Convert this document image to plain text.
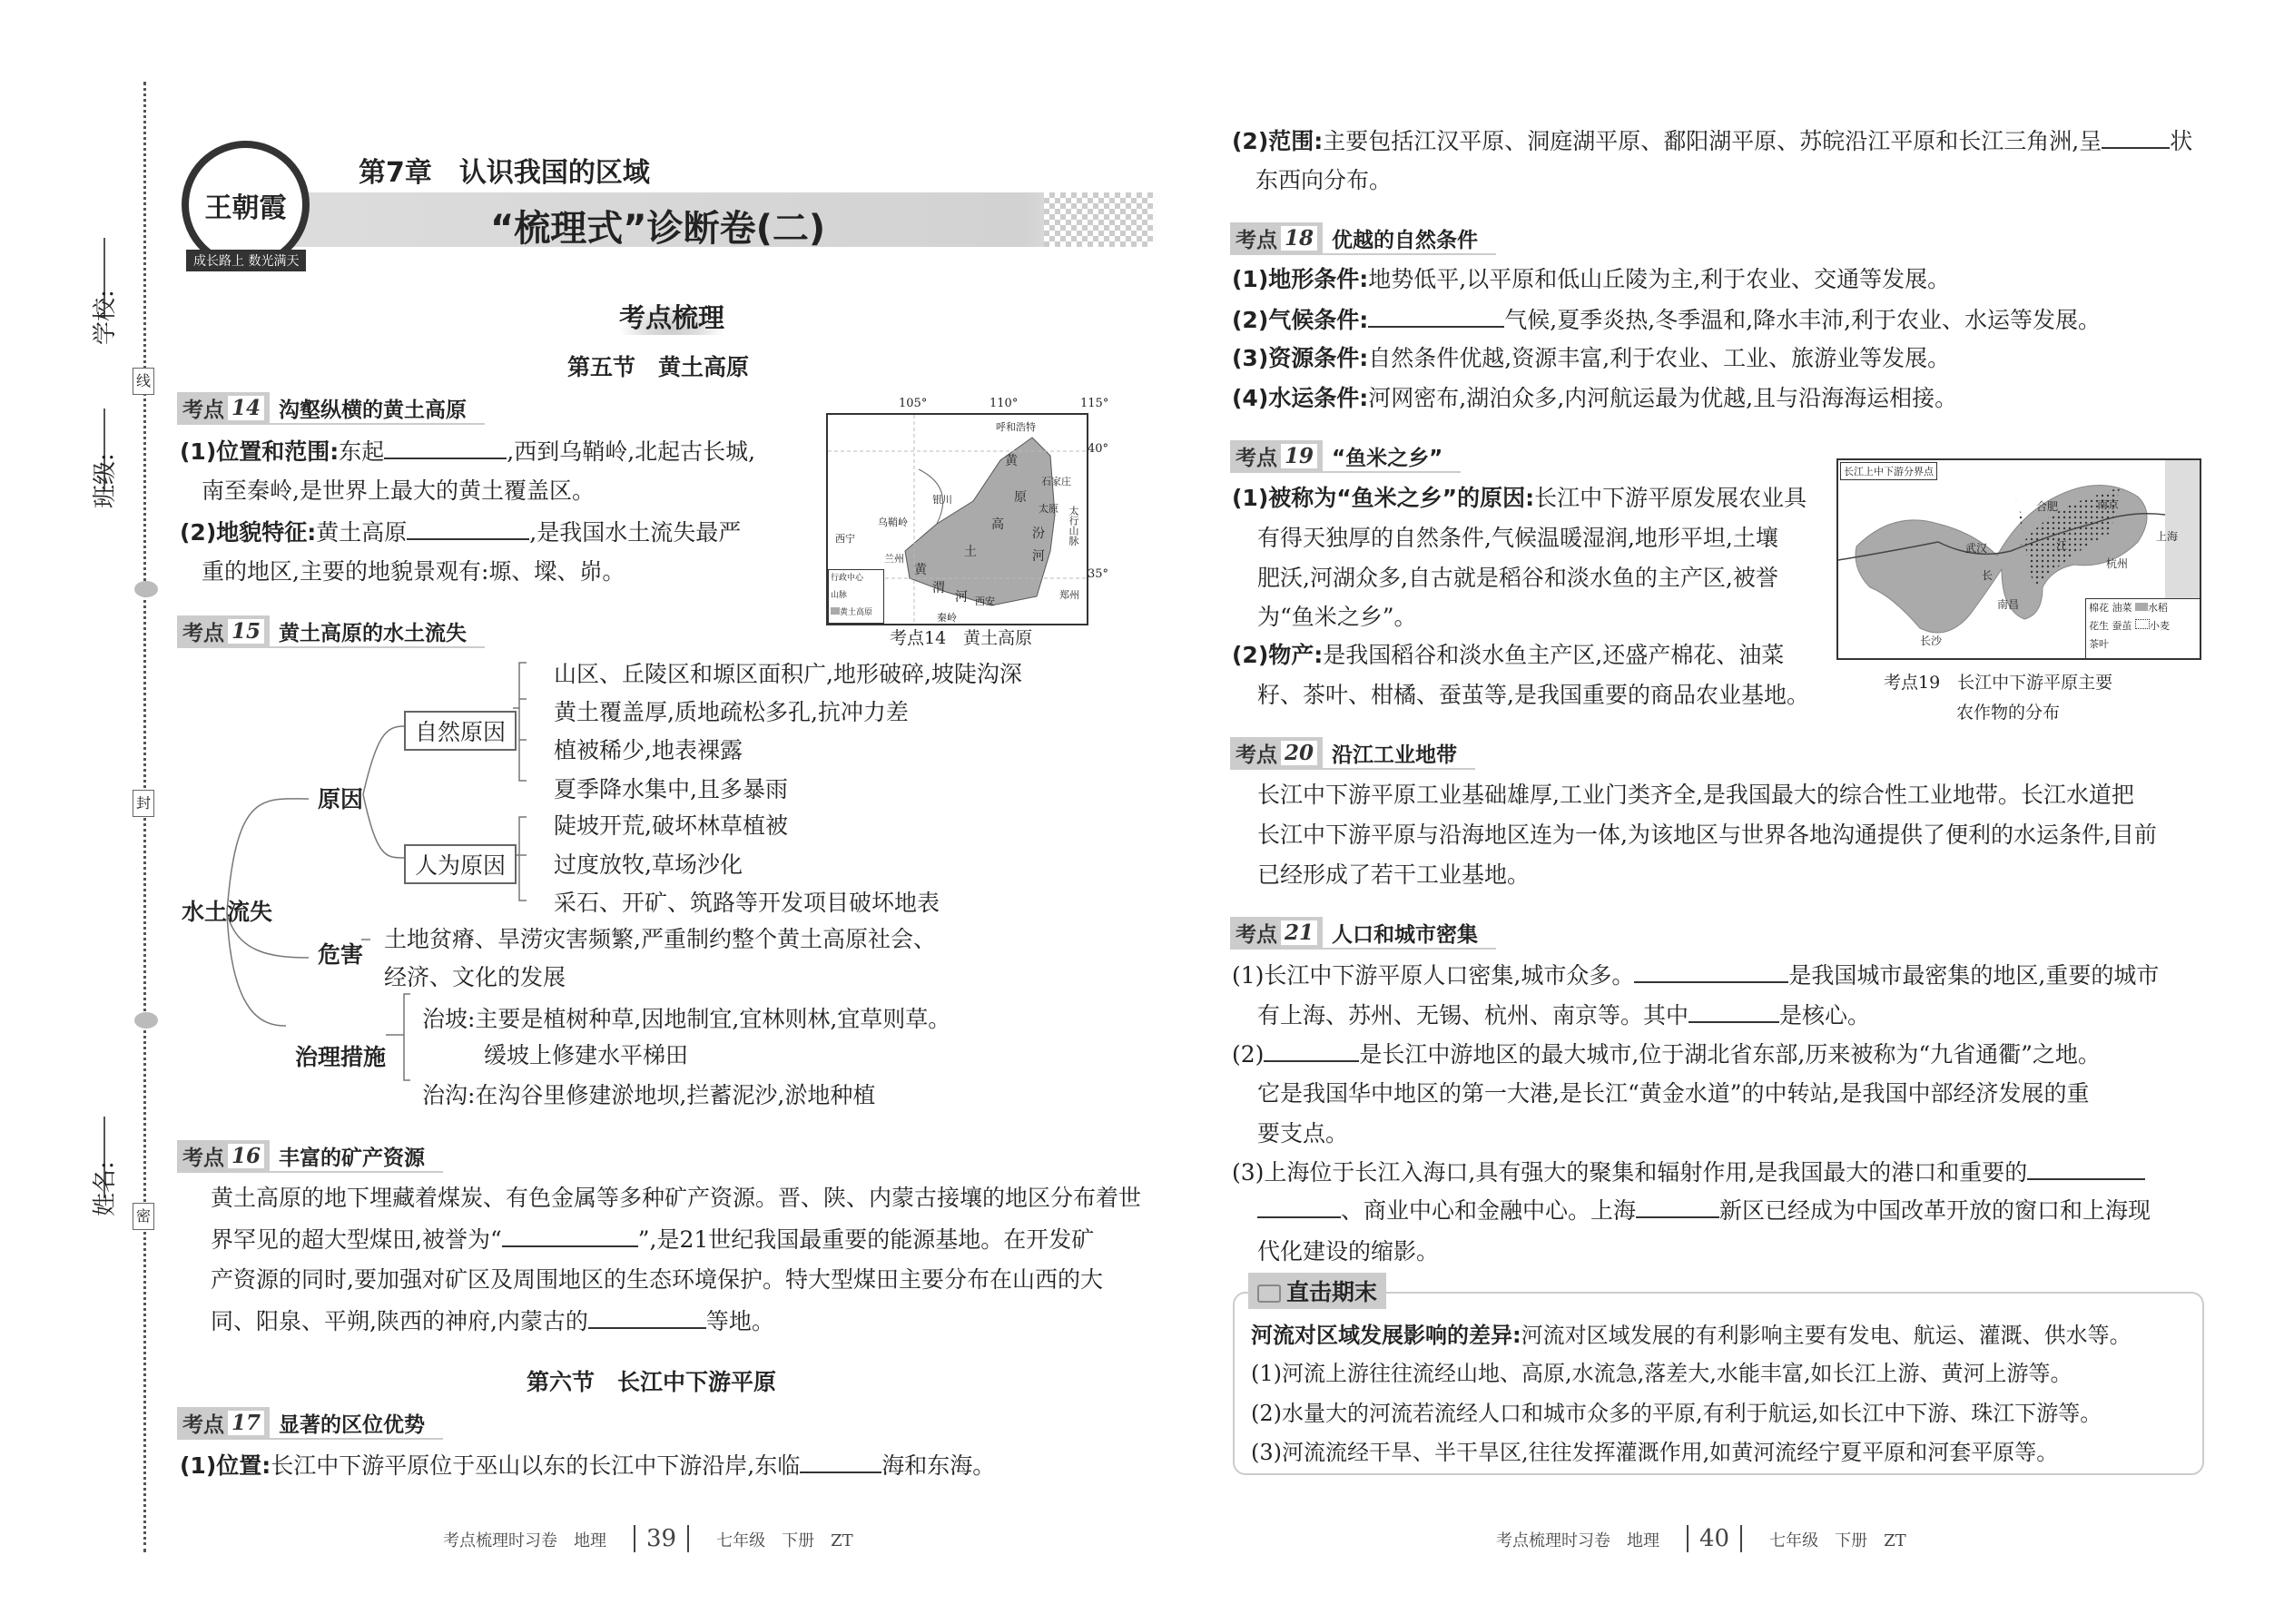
线
封
密
学校:
班级:
姓名:
王朝霞
成长路上 数光满天
第7章　认识我国的区域
“梳理式”诊断卷(二)
考点梳理
第五节　黄土高原
考点 14 沟壑纵横的黄土高原
(1)位置和范围:东起	,西到乌鞘岭,北起古长城,
南至秦岭,是世界上最大的黄土覆盖区。
(2)地貌特征:黄土高原	,是我国水土流失最严
重的地区,主要的地貌景观有:塬、墚、峁。
西宁
兰州
乌鞘岭
银川
呼和浩特
石家庄
太原
西安
郑州
秦岭
太行山脉
黄
土
高
原
汾
河
黄
渭
河
行政中心
山脉
黄土高原
105°	110°	115°
40°
35°
考点14　黄土高原
考点 15 黄土高原的水土流失
水土流失
原因
自然原因
人为原因
山区、丘陵区和塬区面积广,地形破碎,坡陡沟深
黄土覆盖厚,质地疏松多孔,抗冲力差
植被稀少,地表裸露
夏季降水集中,且多暴雨
陡坡开荒,破坏林草植被
过度放牧,草场沙化
采石、开矿、筑路等开发项目破坏地表
危害
土地贫瘠、旱涝灾害频繁,严重制约整个黄土高原社会、
经济、文化的发展
治理措施
治坡:主要是植树种草,因地制宜,宜林则林,宜草则草。
缓坡上修建水平梯田
治沟:在沟谷里修建淤地坝,拦蓄泥沙,淤地种植
考点 16 丰富的矿产资源
黄土高原的地下埋藏着煤炭、有色金属等多种矿产资源。晋、陕、内蒙古接壤的地区分布着世
界罕见的超大型煤田,被誉为“	”,是21世纪我国最重要的能源基地。在开发矿
产资源的同时,要加强对矿区及周围地区的生态环境保护。特大型煤田主要分布在山西的大
同、阳泉、平朔,陕西的神府,内蒙古的	等地。
第六节　长江中下游平原
考点 17 显著的区位优势
(1)位置:长江中下游平原位于巫山以东的长江中下游沿岸,东临	海和东海。
考点梳理时习卷　地理 39 七年级　下册　ZT
(2)范围:主要包括江汉平原、洞庭湖平原、鄱阳湖平原、苏皖沿江平原和长江三角洲,呈	状
东西向分布。
考点 18 优越的自然条件
(1)地形条件:地势低平,以平原和低山丘陵为主,利于农业、交通等发展。
(2)气候条件:	气候,夏季炎热,冬季温和,降水丰沛,利于农业、水运等发展。
(3)资源条件:自然条件优越,资源丰富,利于农业、工业、旅游业等发展。
(4)水运条件:河网密布,湖泊众多,内河航运最为优越,且与沿海海运相接。
考点 19 “鱼米之乡”
(1)被称为“鱼米之乡”的原因:长江中下游平原发展农业具
有得天独厚的自然条件,气候温暖湿润,地形平坦,土壤
肥沃,河湖众多,自古就是稻谷和淡水鱼的主产区,被誉
为“鱼米之乡”。
(2)物产:是我国稻谷和淡水鱼主产区,还盛产棉花、油菜
籽、茶叶、柑橘、蚕茧等,是我国重要的商品农业基地。
长江上中下游分界点
合肥	南京
上海
武汉
杭州
南昌
长沙
长
江
棉花 油菜 水稻
花生 蚕茧 小麦
茶叶
考点19　长江中下游平原主要
农作物的分布
考点 20 沿江工业地带
长江中下游平原工业基础雄厚,工业门类齐全,是我国最大的综合性工业地带。长江水道把
长江中下游平原与沿海地区连为一体,为该地区与世界各地沟通提供了便利的水运条件,目前
已经形成了若干工业基地。
考点 21 人口和城市密集
(1)长江中下游平原人口密集,城市众多。	是我国城市最密集的地区,重要的城市
有上海、苏州、无锡、杭州、南京等。其中	是核心。
(2)	是长江中游地区的最大城市,位于湖北省东部,历来被称为“九省通衢”之地。
它是我国华中地区的第一大港,是长江“黄金水道”的中转站,是我国中部经济发展的重
要支点。
(3)上海位于长江入海口,具有强大的聚集和辐射作用,是我国最大的港口和重要的
、商业中心和金融中心。上海	新区已经成为中国改革开放的窗口和上海现
代化建设的缩影。
直击期末
河流对区域发展影响的差异:河流对区域发展的有利影响主要有发电、航运、灌溉、供水等。
(1)河流上游往往流经山地、高原,水流急,落差大,水能丰富,如长江上游、黄河上游等。
(2)水量大的河流若流经人口和城市众多的平原,有利于航运,如长江中下游、珠江下游等。
(3)河流流经干旱、半干旱区,往往发挥灌溉作用,如黄河流经宁夏平原和河套平原等。
考点梳理时习卷　地理 40 七年级　下册　ZT
